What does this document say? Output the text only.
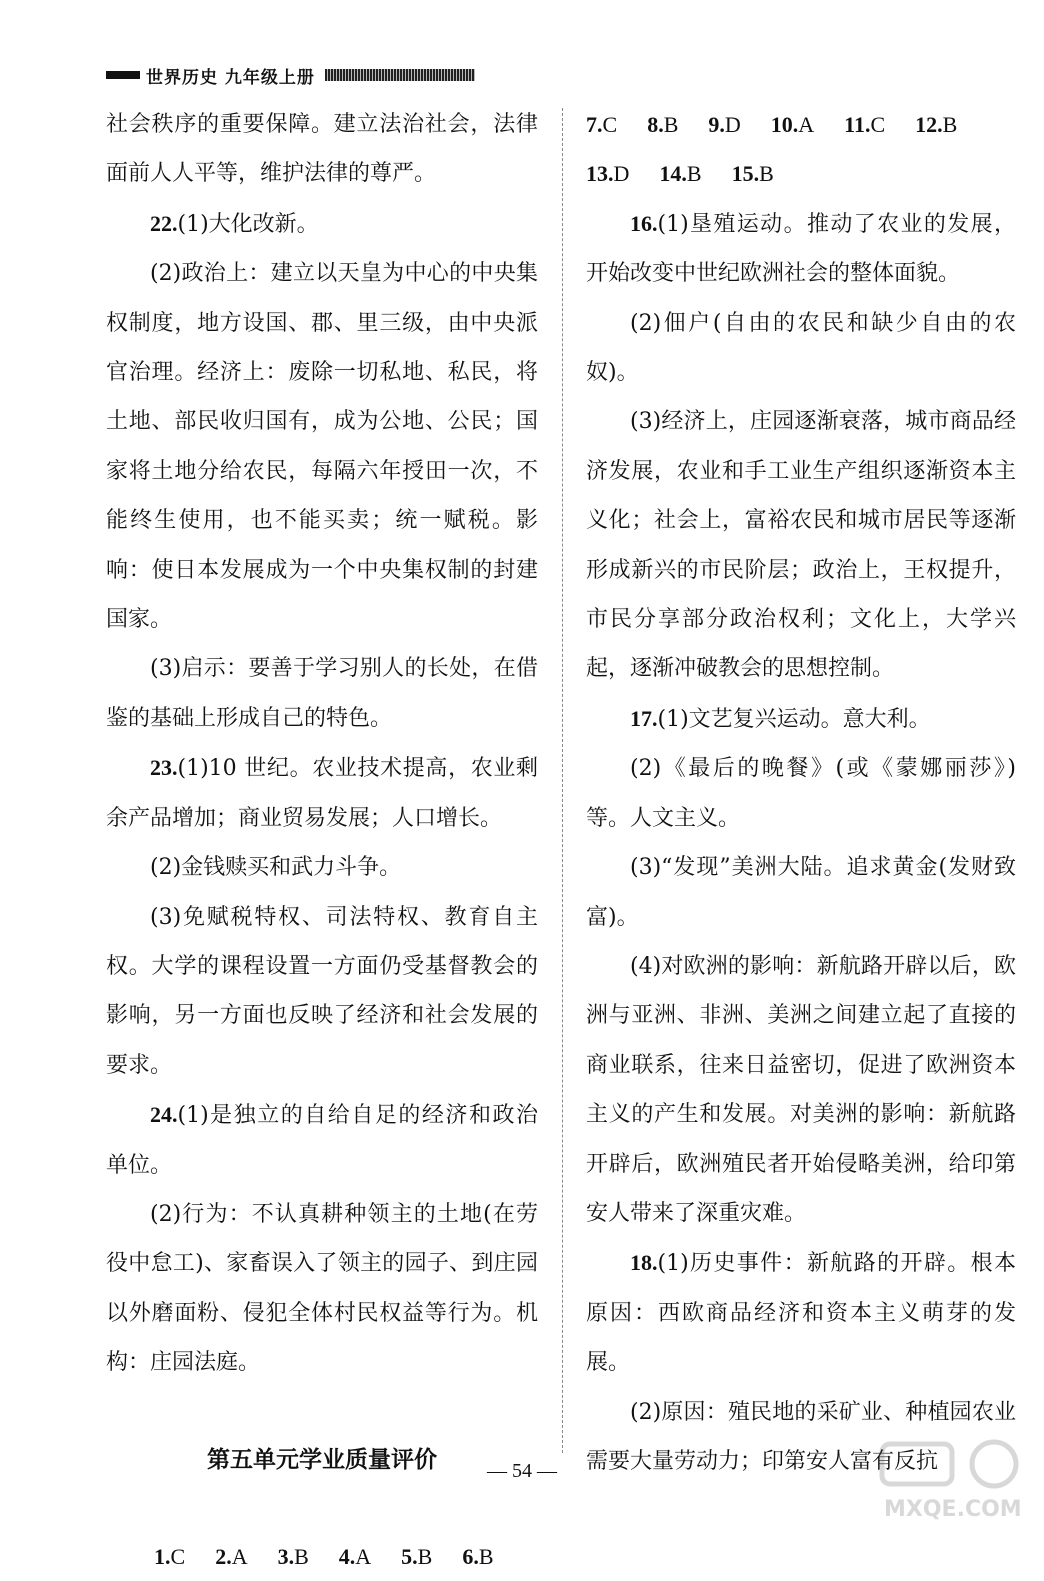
世界历史 九年级上册

社会秩序的重要保障。建立法治社会，法律面前人人平等，维护法律的尊严。

22.(1)大化改新。

(2)政治上：建立以天皇为中心的中央集权制度，地方设国、郡、里三级，由中央派官治理。经济上：废除一切私地、私民，将土地、部民收归国有，成为公地、公民；国家将土地分给农民，每隔六年授田一次，不能终生使用，也不能买卖；统一赋税。影响：使日本发展成为一个中央集权制的封建国家。

(3)启示：要善于学习别人的长处，在借鉴的基础上形成自己的特色。

23.(1)10 世纪。农业技术提高，农业剩余产品增加；商业贸易发展；人口增长。

(2)金钱赎买和武力斗争。

(3)免赋税特权、司法特权、教育自主权。大学的课程设置一方面仍受基督教会的影响，另一方面也反映了经济和社会发展的要求。

24.(1)是独立的自给自足的经济和政治单位。

(2)行为：不认真耕种领主的土地(在劳役中怠工)、家畜误入了领主的园子、到庄园以外磨面粉、侵犯全体村民权益等行为。机构：庄园法庭。

第五单元学业质量评价
1.C 2.A 3.B 4.A 5.B 6.B
7.C 8.B 9.D 10.A 11.C 12.B
13.D 14.B 15.B

16.(1)垦殖运动。推动了农业的发展，开始改变中世纪欧洲社会的整体面貌。

(2)佃户(自由的农民和缺少自由的农奴)。

(3)经济上，庄园逐渐衰落，城市商品经济发展，农业和手工业生产组织逐渐资本主义化；社会上，富裕农民和城市居民等逐渐形成新兴的市民阶层；政治上，王权提升，市民分享部分政治权利；文化上，大学兴起，逐渐冲破教会的思想控制。

17.(1)文艺复兴运动。意大利。

(2)《最后的晚餐》(或《蒙娜丽莎》)等。人文主义。

(3)“发现”美洲大陆。追求黄金(发财致富)。

(4)对欧洲的影响：新航路开辟以后，欧洲与亚洲、非洲、美洲之间建立起了直接的商业联系，往来日益密切，促进了欧洲资本主义的产生和发展。对美洲的影响：新航路开辟后，欧洲殖民者开始侵略美洲，给印第安人带来了深重灾难。

18.(1)历史事件：新航路的开辟。根本原因：西欧商品经济和资本主义萌芽的发展。

(2)原因：殖民地的采矿业、种植园农业需要大量劳动力；印第安人富有反抗

— 54 —
MXQE.COM
